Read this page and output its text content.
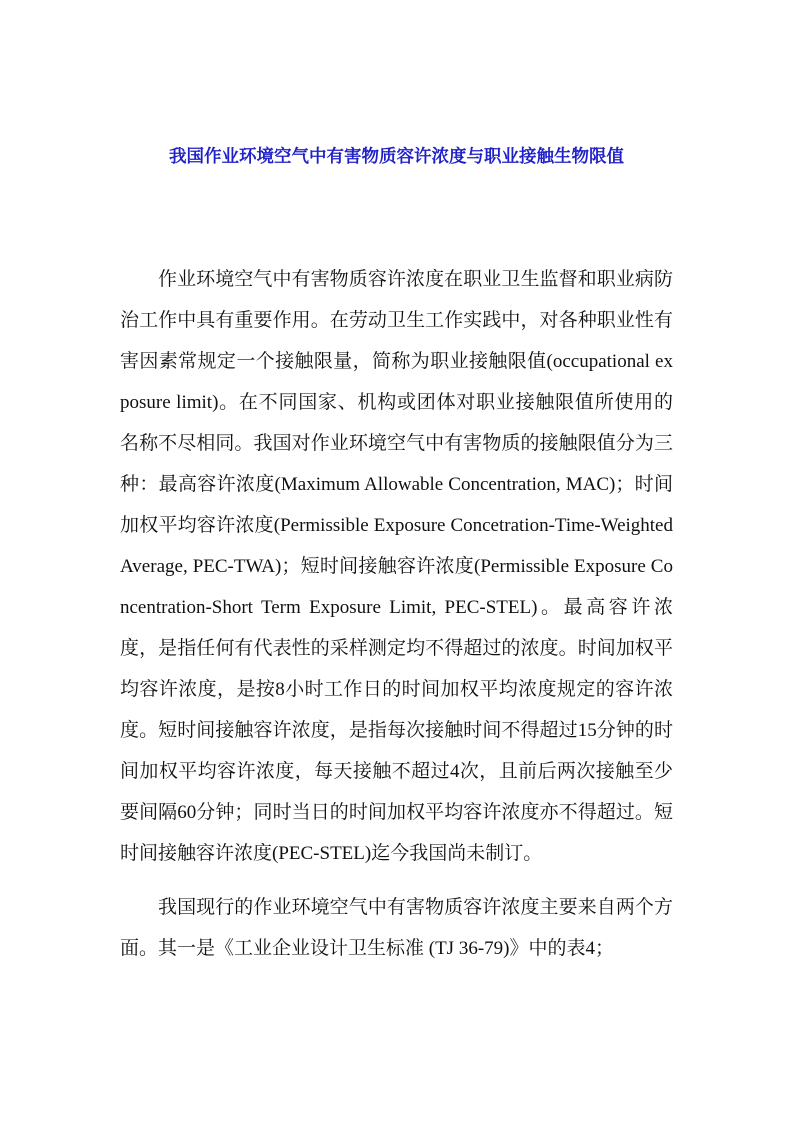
我国作业环境空气中有害物质容许浓度与职业接触生物限值

作业环境空气中有害物质容许浓度在职业卫生监督和职业病防治工作中具有重要作用。在劳动卫生工作实践中，对各种职业性有害因素常规定一个接触限量，简称为职业接触限值(occupational exposure limit)。在不同国家、机构或团体对职业接触限值所使用的名称不尽相同。我国对作业环境空气中有害物质的接触限值分为三种：最高容许浓度(Maximum Allowable Concentration, MAC)；时间加权平均容许浓度(Permissible Exposure Concetration-Time-Weighted Average, PEC-TWA)；短时间接触容许浓度(Permissible Exposure Concentration-Short Term Exposure Limit, PEC-STEL)。最高容许浓度，是指任何有代表性的采样测定均不得超过的浓度。时间加权平均容许浓度，是按8小时工作日的时间加权平均浓度规定的容许浓度。短时间接触容许浓度，是指每次接触时间不得超过15分钟的时间加权平均容许浓度，每天接触不超过4次，且前后两次接触至少要间隔60分钟；同时当日的时间加权平均容许浓度亦不得超过。短时间接触容许浓度(PEC-STEL)迄今我国尚未制订。

我国现行的作业环境空气中有害物质容许浓度主要来自两个方面。其一是《工业企业设计卫生标准 (TJ 36-79)》中的表4；
